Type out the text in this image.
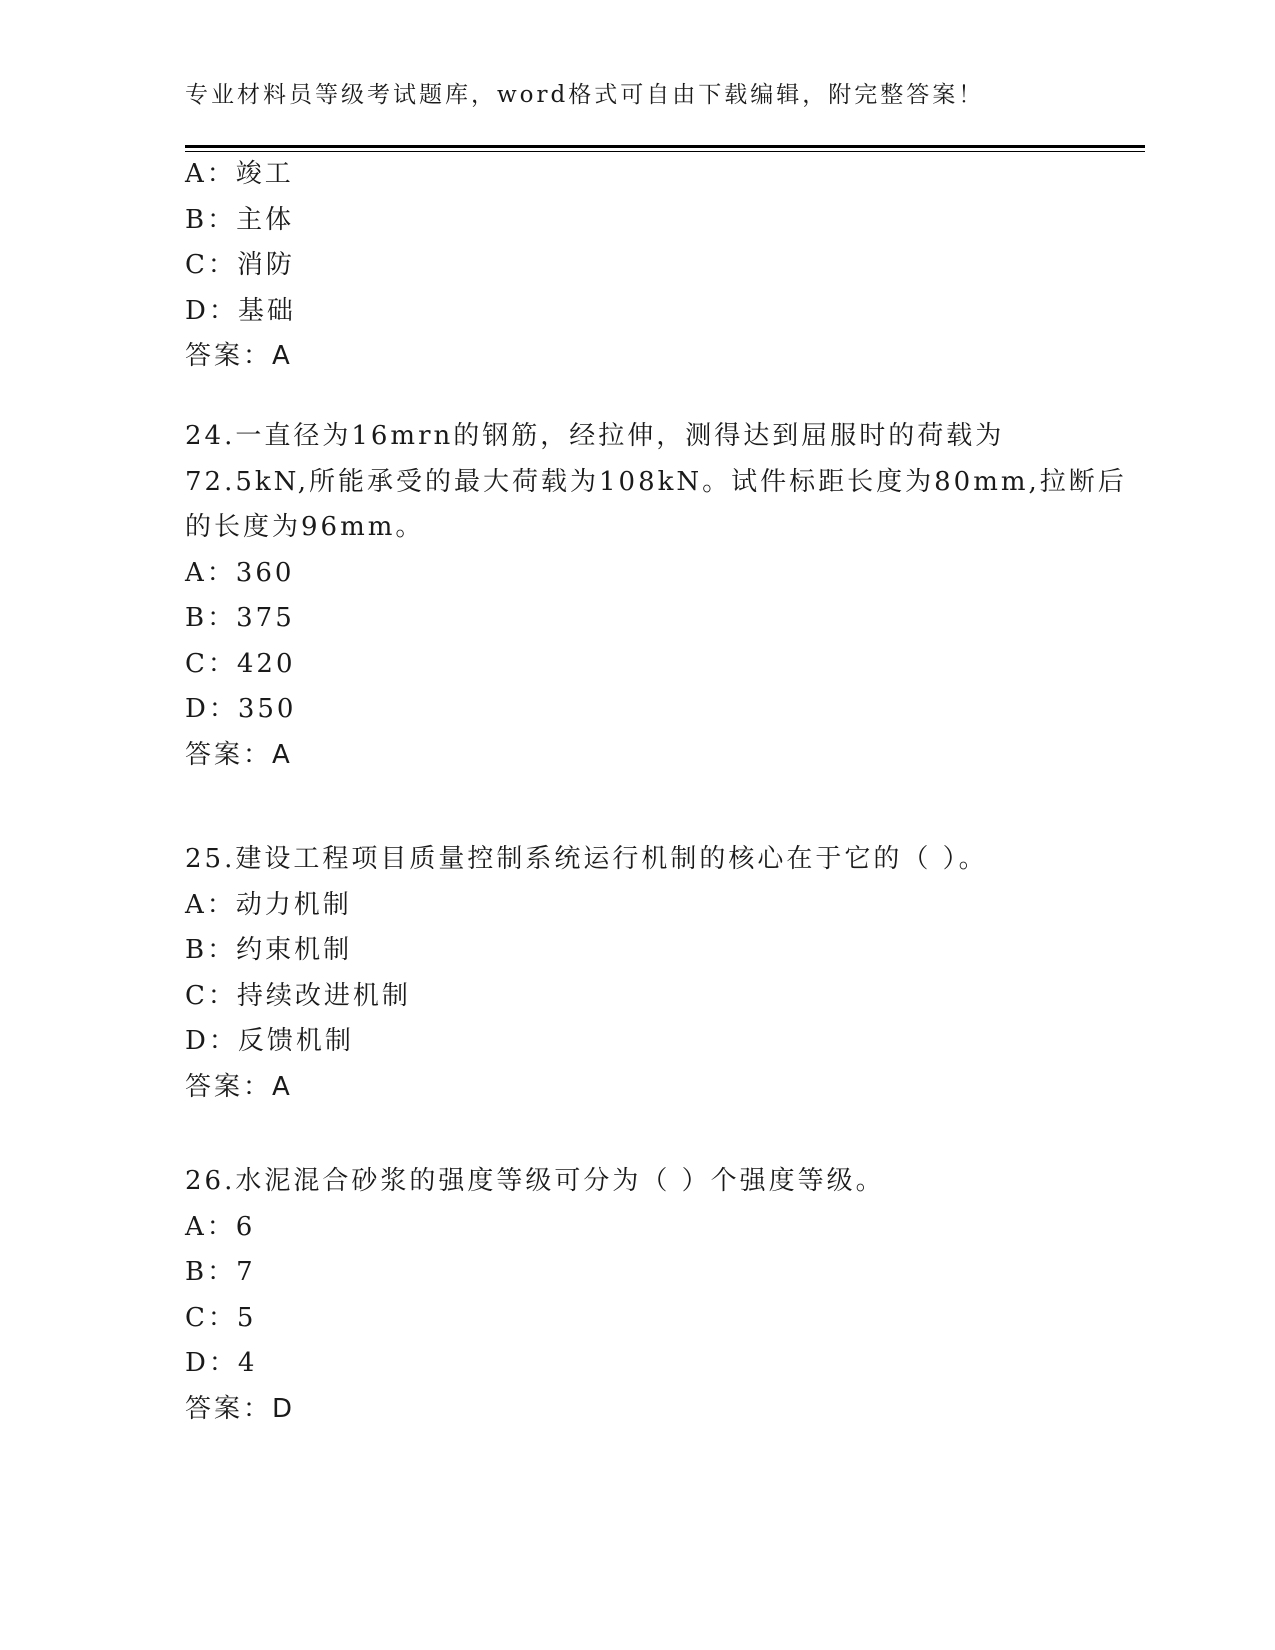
专业材料员等级考试题库，word格式可自由下载编辑，附完整答案！
A：竣工
B：主体
C：消防
D：基础
答案：A
24.一直径为16mrn的钢筋，经拉伸，测得达到屈服时的荷载为
72.5kN,所能承受的最大荷载为108kN。试件标距长度为80mm,拉断后
的长度为96mm。
A：360
B：375
C：420
D：350
答案：A
25.建设工程项目质量控制系统运行机制的核心在于它的（ ）。
A：动力机制
B：约束机制
C：持续改进机制
D：反馈机制
答案：A
26.水泥混合砂浆的强度等级可分为（ ）个强度等级。
A：6
B：7
C：5
D：4
答案：D
